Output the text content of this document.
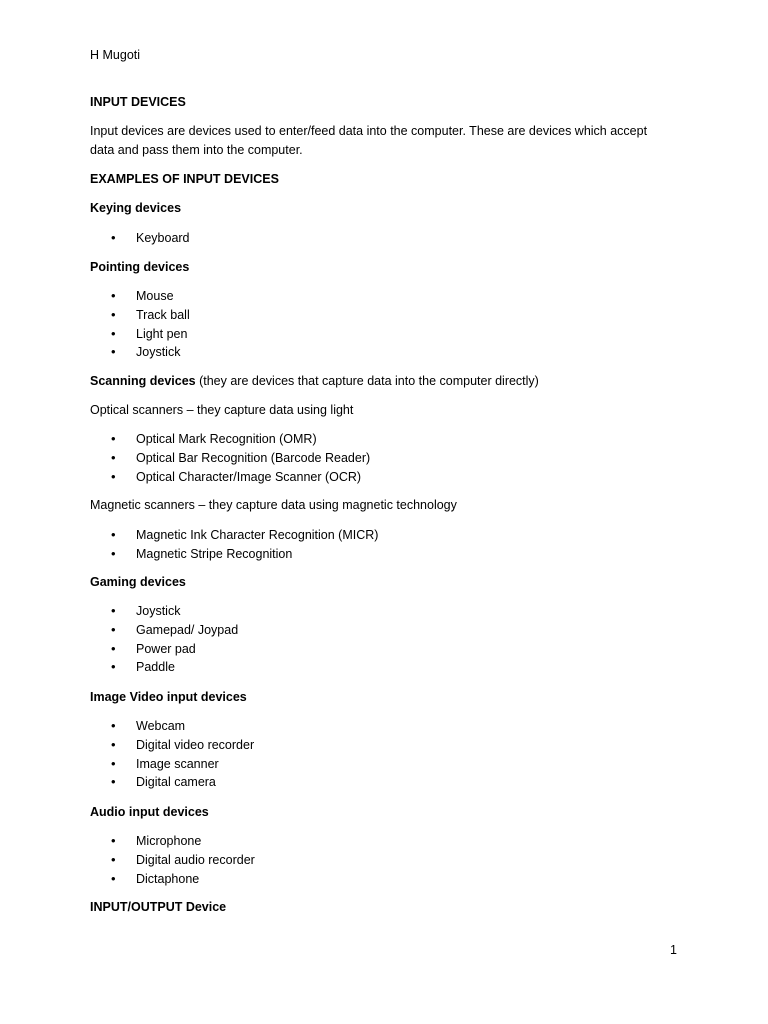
H Mugoti
INPUT DEVICES
Input devices are devices used to enter/feed data into the computer. These are devices which accept
data and pass them into the computer.
EXAMPLES OF INPUT DEVICES
Keying devices
• Keyboard
Pointing devices
• Mouse
• Track ball
• Light pen
• Joystick
Scanning devices (they are devices that capture data into the computer directly)
Optical scanners – they capture data using light
• Optical Mark Recognition (OMR)
• Optical Bar Recognition (Barcode Reader)
• Optical Character/Image Scanner (OCR)
Magnetic scanners – they capture data using magnetic technology
• Magnetic Ink Character Recognition (MICR)
• Magnetic Stripe Recognition
Gaming devices
• Joystick
• Gamepad/ Joypad
• Power pad
• Paddle
Image Video input devices
• Webcam
• Digital video recorder
• Image scanner
• Digital camera
Audio input devices
• Microphone
• Digital audio recorder
• Dictaphone
INPUT/OUTPUT Device
1
